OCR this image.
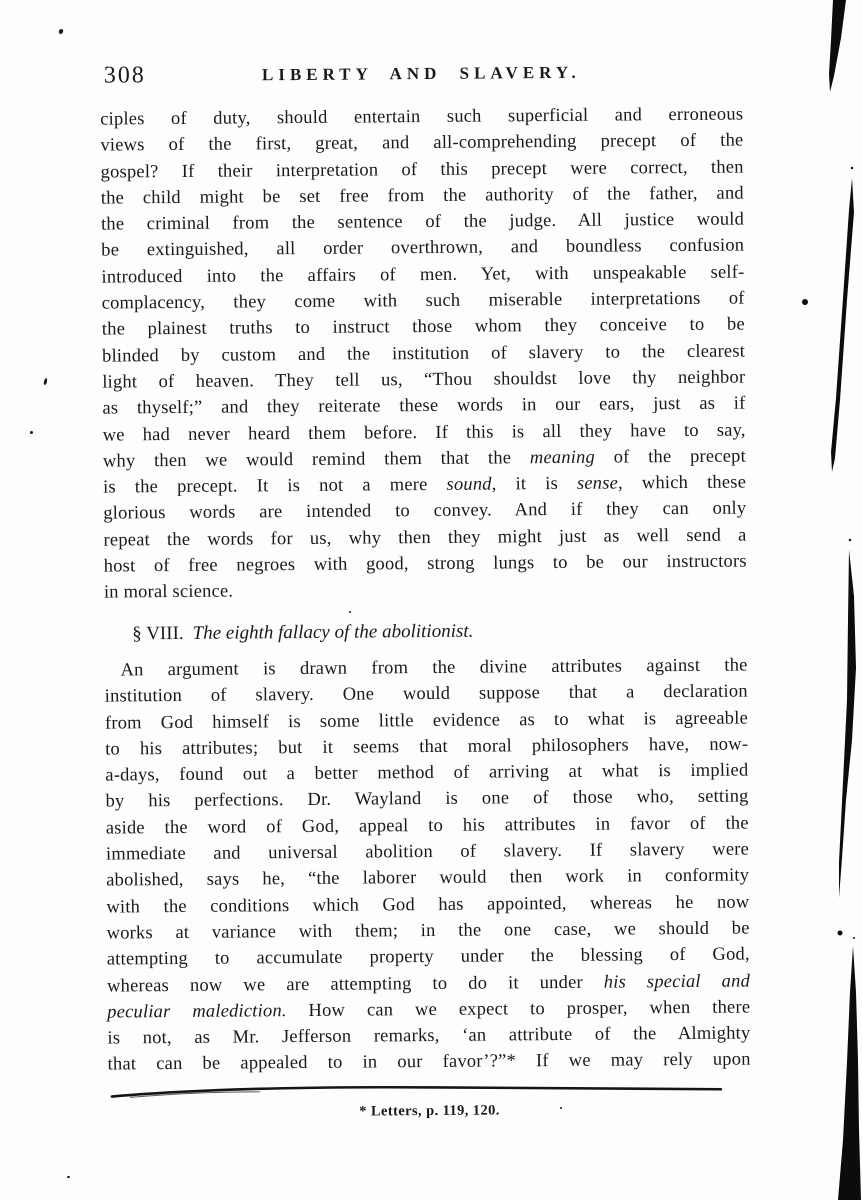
308	LIBERTY AND SLAVERY.
ciples of duty, should entertain such superficial and erroneous
views of the first, great, and all-comprehending precept of the
gospel? If their interpretation of this precept were correct, then
the child might be set free from the authority of the father, and
the criminal from the sentence of the judge. All justice would
be extinguished, all order overthrown, and boundless confusion
introduced into the affairs of men. Yet, with unspeakable self-
complacency, they come with such miserable interpretations of
the plainest truths to instruct those whom they conceive to be
blinded by custom and the institution of slavery to the clearest
light of heaven. They tell us, “Thou shouldst love thy neighbor
as thyself;” and they reiterate these words in our ears, just as if
we had never heard them before. If this is all they have to say,
why then we would remind them that the meaning of the precept
is the precept. It is not a mere sound, it is sense, which these
glorious words are intended to convey. And if they can only
repeat the words for us, why then they might just as well send a
host of free negroes with good, strong lungs to be our instructors
in moral science.
§ VIII. The eighth fallacy of the abolitionist.
An argument is drawn from the divine attributes against the
institution of slavery. One would suppose that a declaration
from God himself is some little evidence as to what is agreeable
to his attributes; but it seems that moral philosophers have, now-
a-days, found out a better method of arriving at what is implied
by his perfections. Dr. Wayland is one of those who, setting
aside the word of God, appeal to his attributes in favor of the
immediate and universal abolition of slavery. If slavery were
abolished, says he, “the laborer would then work in conformity
with the conditions which God has appointed, whereas he now
works at variance with them; in the one case, we should be
attempting to accumulate property under the blessing of God,
whereas now we are attempting to do it under his special and
peculiar malediction. How can we expect to prosper, when there
is not, as Mr. Jefferson remarks, ‘an attribute of the Almighty
that can be appealed to in our favor’?”* If we may rely upon
* Letters, p. 119, 120.
